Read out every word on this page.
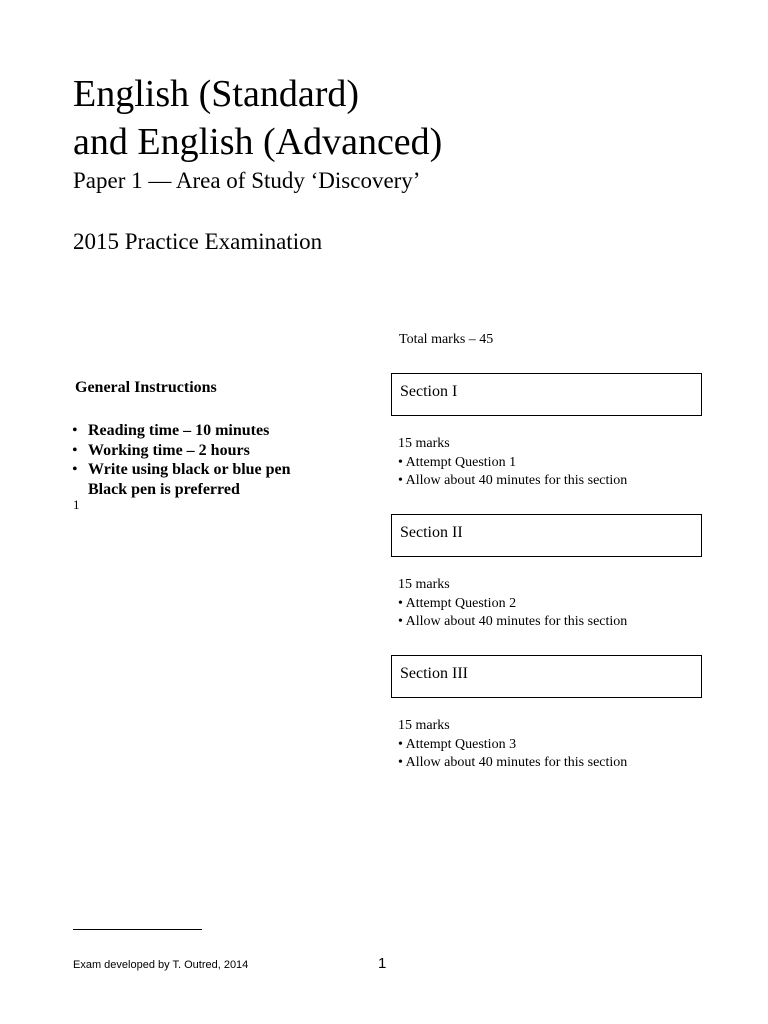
English (Standard)
and English (Advanced)
Paper 1 — Area of Study ‘Discovery’
2015 Practice Examination

Total marks – 45

General Instructions
• Reading time – 10 minutes
• Working time – 2 hours
• Write using black or blue pen
Black pen is preferred

1

Section I
15 marks
• Attempt Question 1
• Allow about 40 minutes for this section
Section II
15 marks
• Attempt Question 2
• Allow about 40 minutes for this section
Section III
15 marks
• Attempt Question 3
• Allow about 40 minutes for this section

Exam developed by T. Outred, 2014	1
